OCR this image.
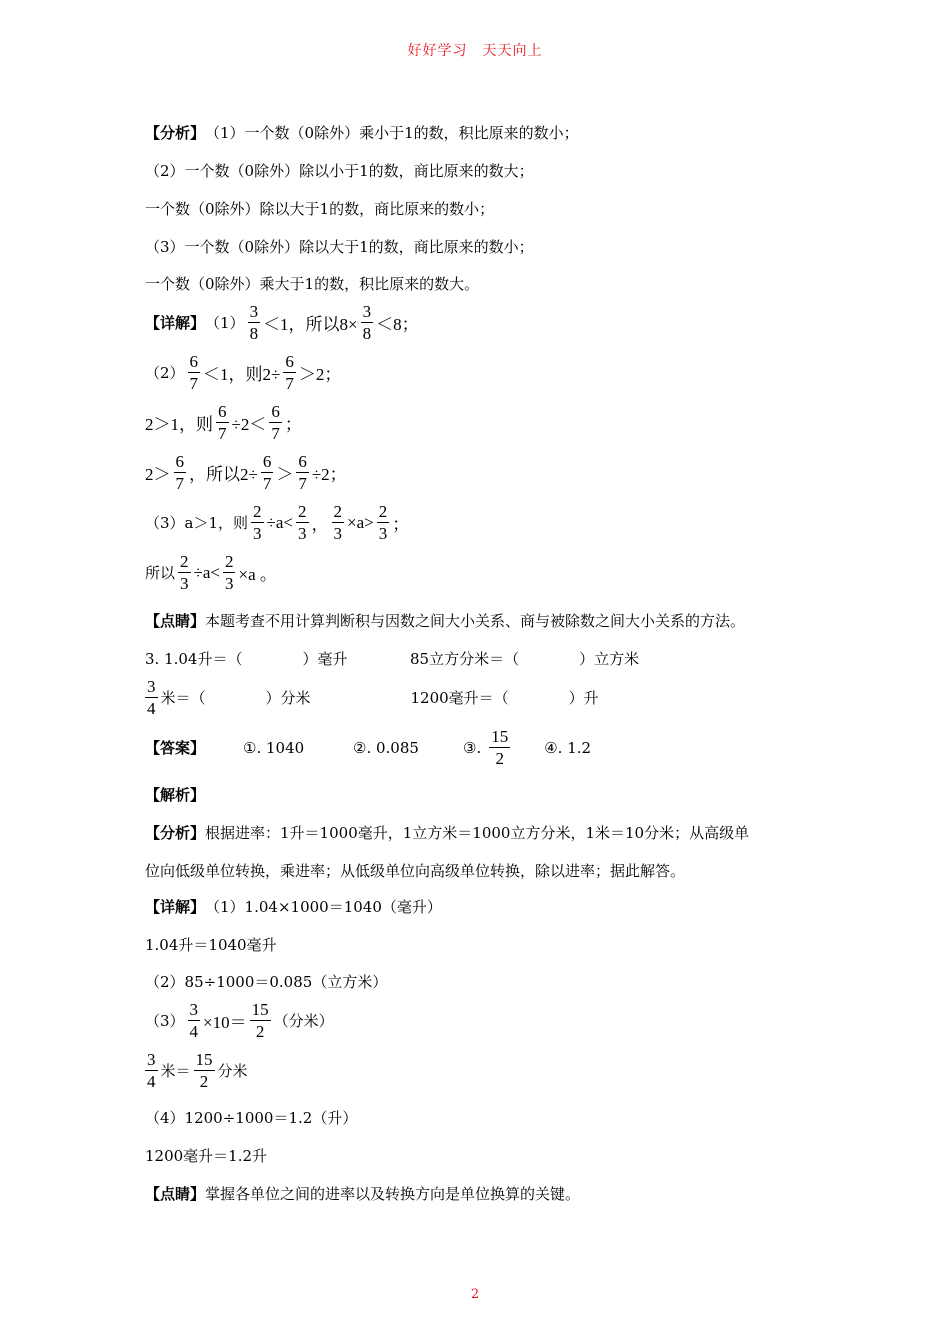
好好学习　天天向上
【分析】 （1）一个数（0除外）乘小于1的数，积比原来的数小；
（2）一个数（0除外）除以小于1的数，商比原来的数大；
一个数（0除外）除以大于1的数，商比原来的数小；
（3）一个数（0除外）除以大于1的数，商比原来的数小；
一个数（0除外）乘大于1的数，积比原来的数大。
【详解】 $(1) \frac{3}{8} <1$，所以$8\times \frac{3}{8} <8$；
$(2) \frac{6}{7} <1$，则$2\div \frac{6}{7} >2$；
2＞1，则 $\frac{6}{7} \div 2< \frac{6}{7}$ ；
$2> \frac{6}{7}$ ，所以$2\div \frac{6}{7} > \frac{6}{7} \div 2$；
（3）a＞1，则 $\frac{2}{3} \div a< \frac{2}{3}$ ， $\frac{2}{3} \times a> \frac{2}{3}$ ；
所以 $\frac{2}{3} \div a< \frac{2}{3} \times a$ 。
【点睛】 本题考查不用计算判断积与因数之间大小关系、商与被除数之间大小关系的方法。
3. 1.04升＝（　　　　）毫升	85立方分米＝（　　　　）立方米
$\frac{3}{4}$ 米＝（　　　　）分米	1200毫升＝（　　　　）升
【答案】	①. 1040	②. 0.085	③. $\frac{15}{2}$ ④. 1.2
【解析】
【分析】 根据进率：1升＝1000毫升，1立方米＝1000立方分米，1米＝10分米；从高级单
位向低级单位转换，乘进率；从低级单位向高级单位转换，除以进率；据此解答。
【详解】 （1）1.04×1000＝1040（毫升）
1.04升＝1040毫升
（2）85÷1000＝0.085（立方米）
$(3) \frac{3}{4} \times 10= \frac{15}{2}$ （分米）
$\frac{3}{4}$ 米＝ $\frac{15}{2}$ 分米
（4）1200÷1000＝1.2（升）
1200毫升＝1.2升
【点睛】 掌握各单位之间的进率以及转换方向是单位换算的关键。
2
